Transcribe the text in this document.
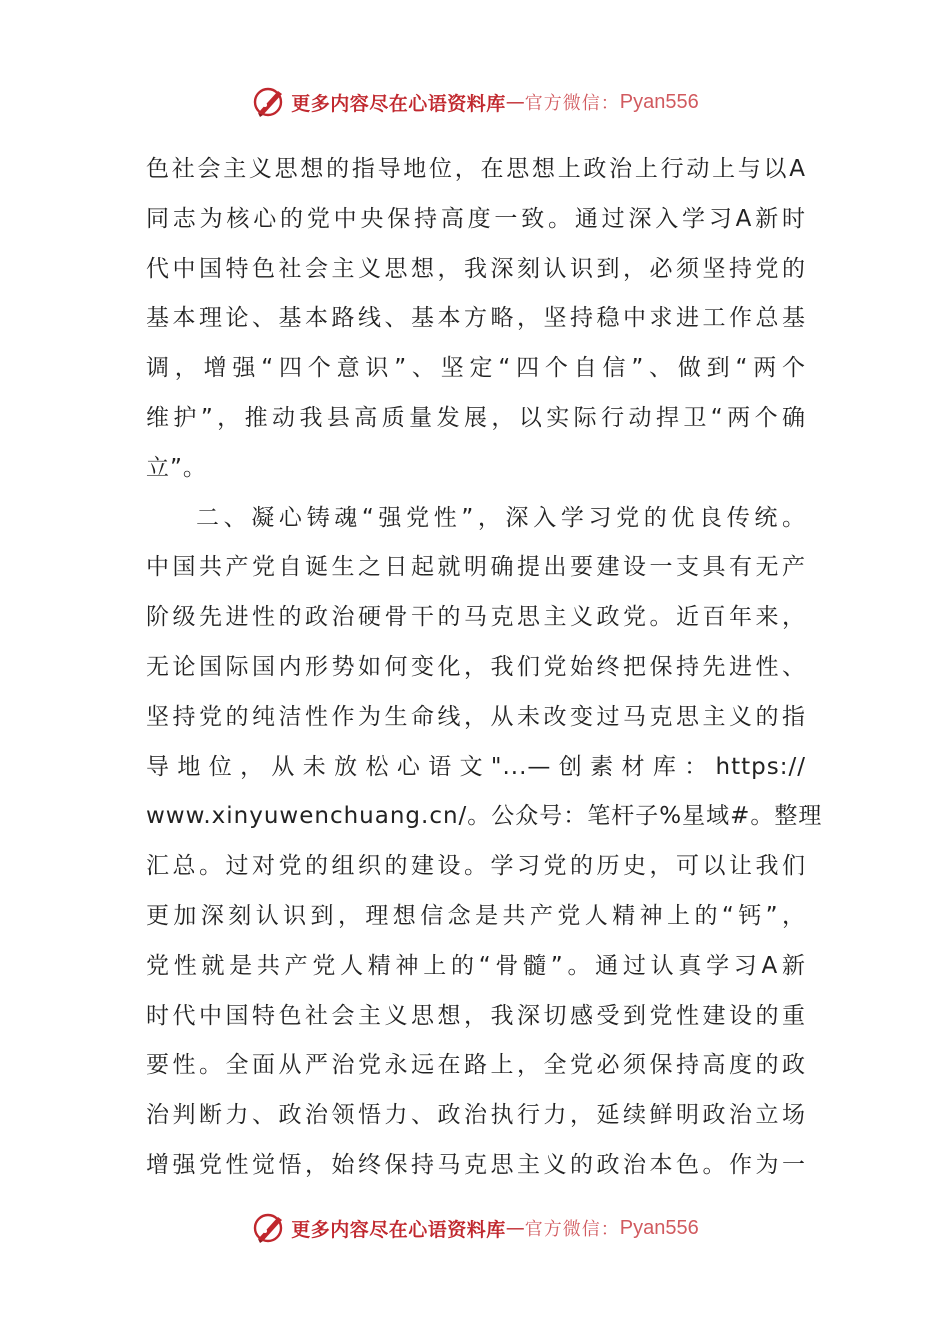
更多内容尽在心语资料库 — 官方微信： Pyan556
色社会主义思想的指导地位，在思想上政治上行动上与以A
同志为核心的党中央保持高度一致。通过深入学习A新时
代中国特色社会主义思想，我深刻认识到，必须坚持党的
基本理论、基本路线、基本方略，坚持稳中求进工作总基
调，增强“四个意识”、坚定“四个自信”、做到“两个
维护”，推动我县高质量发展，以实际行动捍卫“两个确
立”。
二、凝心铸魂“强党性”，深入学习党的优良传统。
中国共产党自诞生之日起就明确提出要建设一支具有无产
阶级先进性的政治硬骨干的马克思主义政党。近百年来，
无论国际国内形势如何变化，我们党始终把保持先进性、
坚持党的纯洁性作为生命线，从未改变过马克思主义的指
导地位，从未放松心语文"...—创素材库：https://
www.xinyuwenchuang.cn/。公众号：笔杆子%星域#。整理
汇总。过对党的组织的建设。学习党的历史，可以让我们
更加深刻认识到，理想信念是共产党人精神上的“钙”，
党性就是共产党人精神上的“骨髓”。通过认真学习A新
时代中国特色社会主义思想，我深切感受到党性建设的重
要性。全面从严治党永远在路上，全党必须保持高度的政
治判断力、政治领悟力、政治执行力，延续鲜明政治立场
增强党性觉悟，始终保持马克思主义的政治本色。作为一
更多内容尽在心语资料库 — 官方微信： Pyan556
